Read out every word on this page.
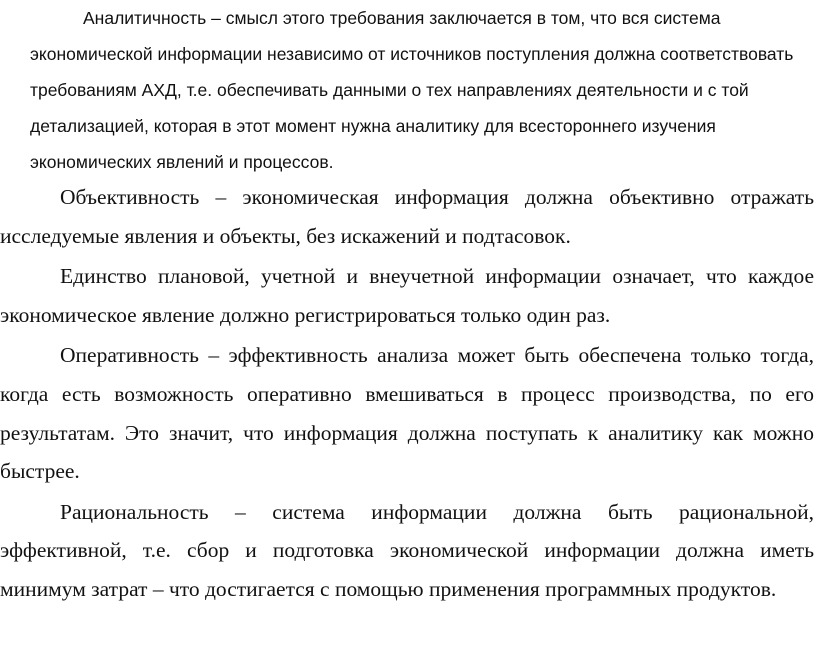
Аналитичность – смысл этого требования заключается в том, что вся система экономической информации независимо от источников поступления должна соответствовать требованиям АХД, т.е. обеспечивать данными о тех направлениях деятельности и с той детализацией, которая в этот момент нужна аналитику для всестороннего изучения экономических явлений и процессов.

Объективность – экономическая информация должна объективно отражать исследуемые явления и объекты, без искажений и подтасовок.

Единство плановой, учетной и внеучетной информации означает, что каждое экономическое явление должно регистрироваться только один раз.

Оперативность – эффективность анализа может быть обеспечена только тогда, когда есть возможность оперативно вмешиваться в процесс производства, по его результатам. Это значит, что информация должна поступать к аналитику как можно быстрее.

Рациональность – система информации должна быть рациональной, эффективной, т.е. сбор и подготовка экономической информации должна иметь минимум затрат – что достигается с помощью применения программных продуктов.
